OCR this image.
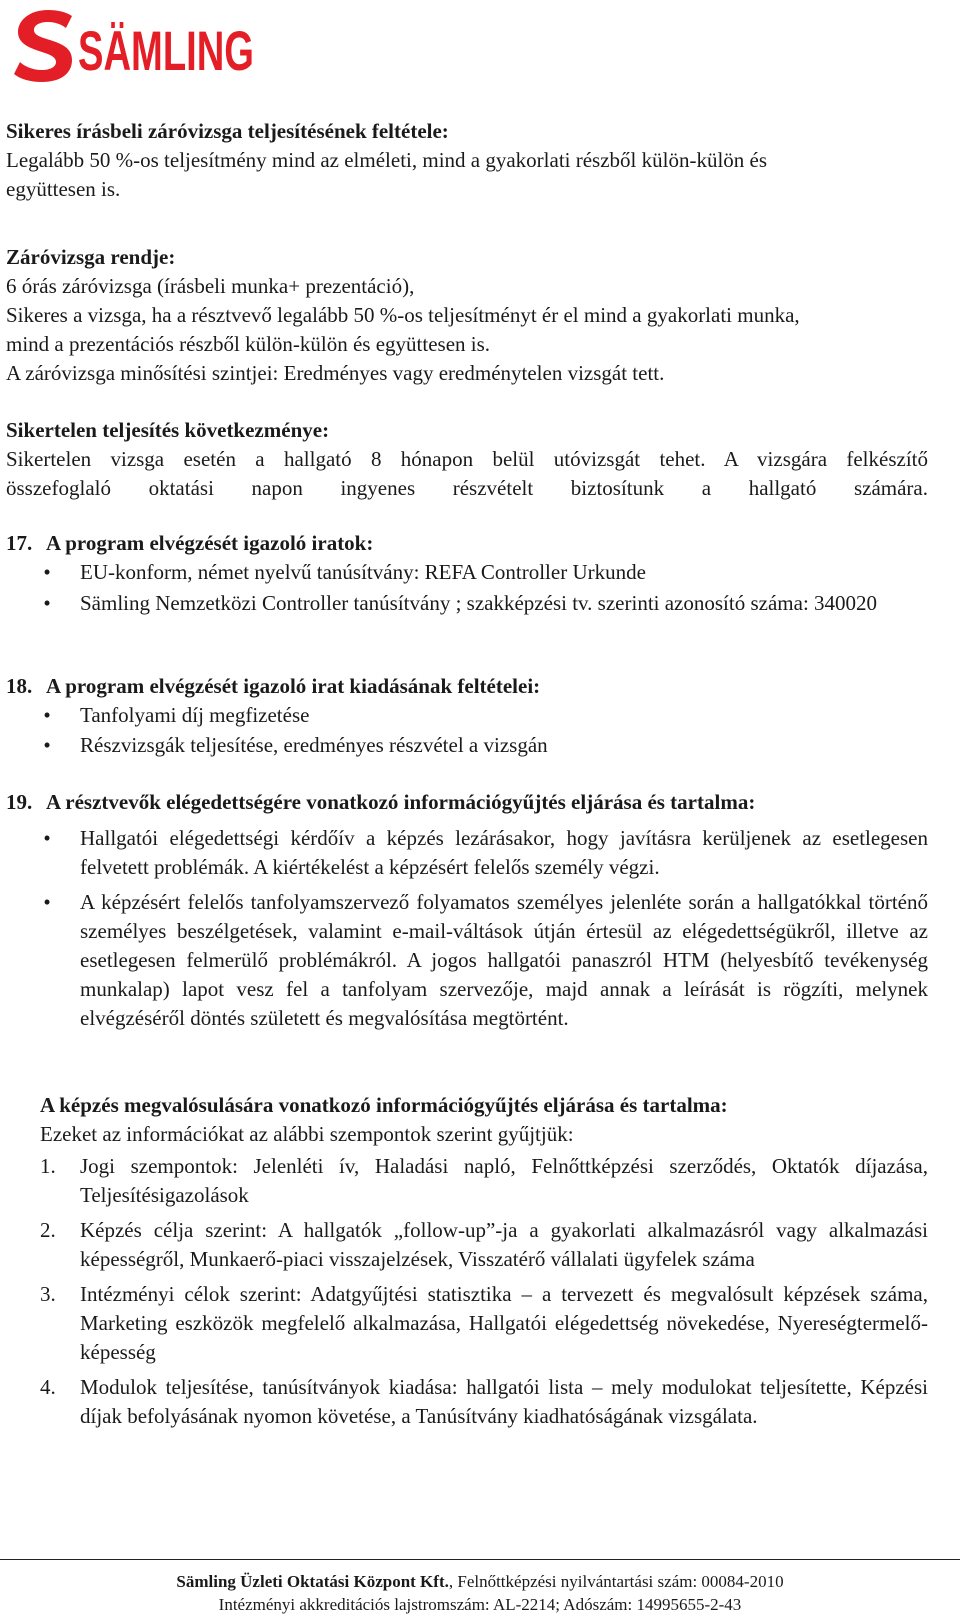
SÄMLING
Sikeres írásbeli záróvizsga teljesítésének feltétele:
Legalább 50 %-os teljesítmény mind az elméleti, mind a gyakorlati részből külön-külön és
együttesen is.
Záróvizsga rendje:
6 órás záróvizsga (írásbeli munka+ prezentáció),
Sikeres a vizsga, ha a résztvevő legalább 50 %-os teljesítményt ér el mind a gyakorlati munka,
mind a prezentációs részből külön-külön és együttesen is.
A záróvizsga minősítési szintjei: Eredményes vagy eredménytelen vizsgát tett.
Sikertelen teljesítés következménye:
Sikertelen vizsga esetén a hallgató 8 hónapon belül utóvizsgát tehet. A vizsgára felkészítő
összefoglaló oktatási napon ingyenes részvételt biztosítunk a hallgató számára.
17. A program elvégzését igazoló iratok:
• EU-konform, német nyelvű tanúsítvány: REFA Controller Urkunde
• Sämling Nemzetközi Controller tanúsítvány ; szakképzési tv. szerinti azonosító száma: 340020
18. A program elvégzését igazoló irat kiadásának feltételei:
• Tanfolyami díj megfizetése
• Részvizsgák teljesítése, eredményes részvétel a vizsgán
19. A résztvevők elégedettségére vonatkozó információgyűjtés eljárása és tartalma:
• Hallgatói elégedettségi kérdőív a képzés lezárásakor, hogy javításra kerüljenek az esetlegesen felvetett problémák. A kiértékelést a képzésért felelős személy végzi.
• A képzésért felelős tanfolyamszervező folyamatos személyes jelenléte során a hallgatókkal történő személyes beszélgetések, valamint e-mail-váltások útján értesül az elégedettségükről, illetve az esetlegesen felmerülő problémákról. A jogos hallgatói panaszról HTM (helyesbítő tevékenység munkalap) lapot vesz fel a tanfolyam szervezője, majd annak a leírását is rögzíti, melynek elvégzéséről döntés született és megvalósítása megtörtént.
A képzés megvalósulására vonatkozó információgyűjtés eljárása és tartalma:
Ezeket az információkat az alábbi szempontok szerint gyűjtjük:
1. Jogi szempontok: Jelenléti ív, Haladási napló, Felnőttképzési szerződés, Oktatók díjazása, Teljesítésigazolások
2. Képzés célja szerint: A hallgatók „follow-up”-ja a gyakorlati alkalmazásról vagy alkalmazási képességről, Munkaerő-piaci visszajelzések, Visszatérő vállalati ügyfelek száma
3. Intézményi célok szerint: Adatgyűjtési statisztika – a tervezett és megvalósult képzések száma, Marketing eszközök megfelelő alkalmazása, Hallgatói elégedettség növekedése, Nyereségtermelő-képesség
4. Modulok teljesítése, tanúsítványok kiadása: hallgatói lista – mely modulokat teljesítette, Képzési díjak befolyásának nyomon követése, a Tanúsítvány kiadhatóságának vizsgálata.
Sämling Üzleti Oktatási Központ Kft., Felnőttképzési nyilvántartási szám: 00084-2010
Intézményi akkreditációs lajstromszám: AL-2214; Adószám: 14995655-2-43
